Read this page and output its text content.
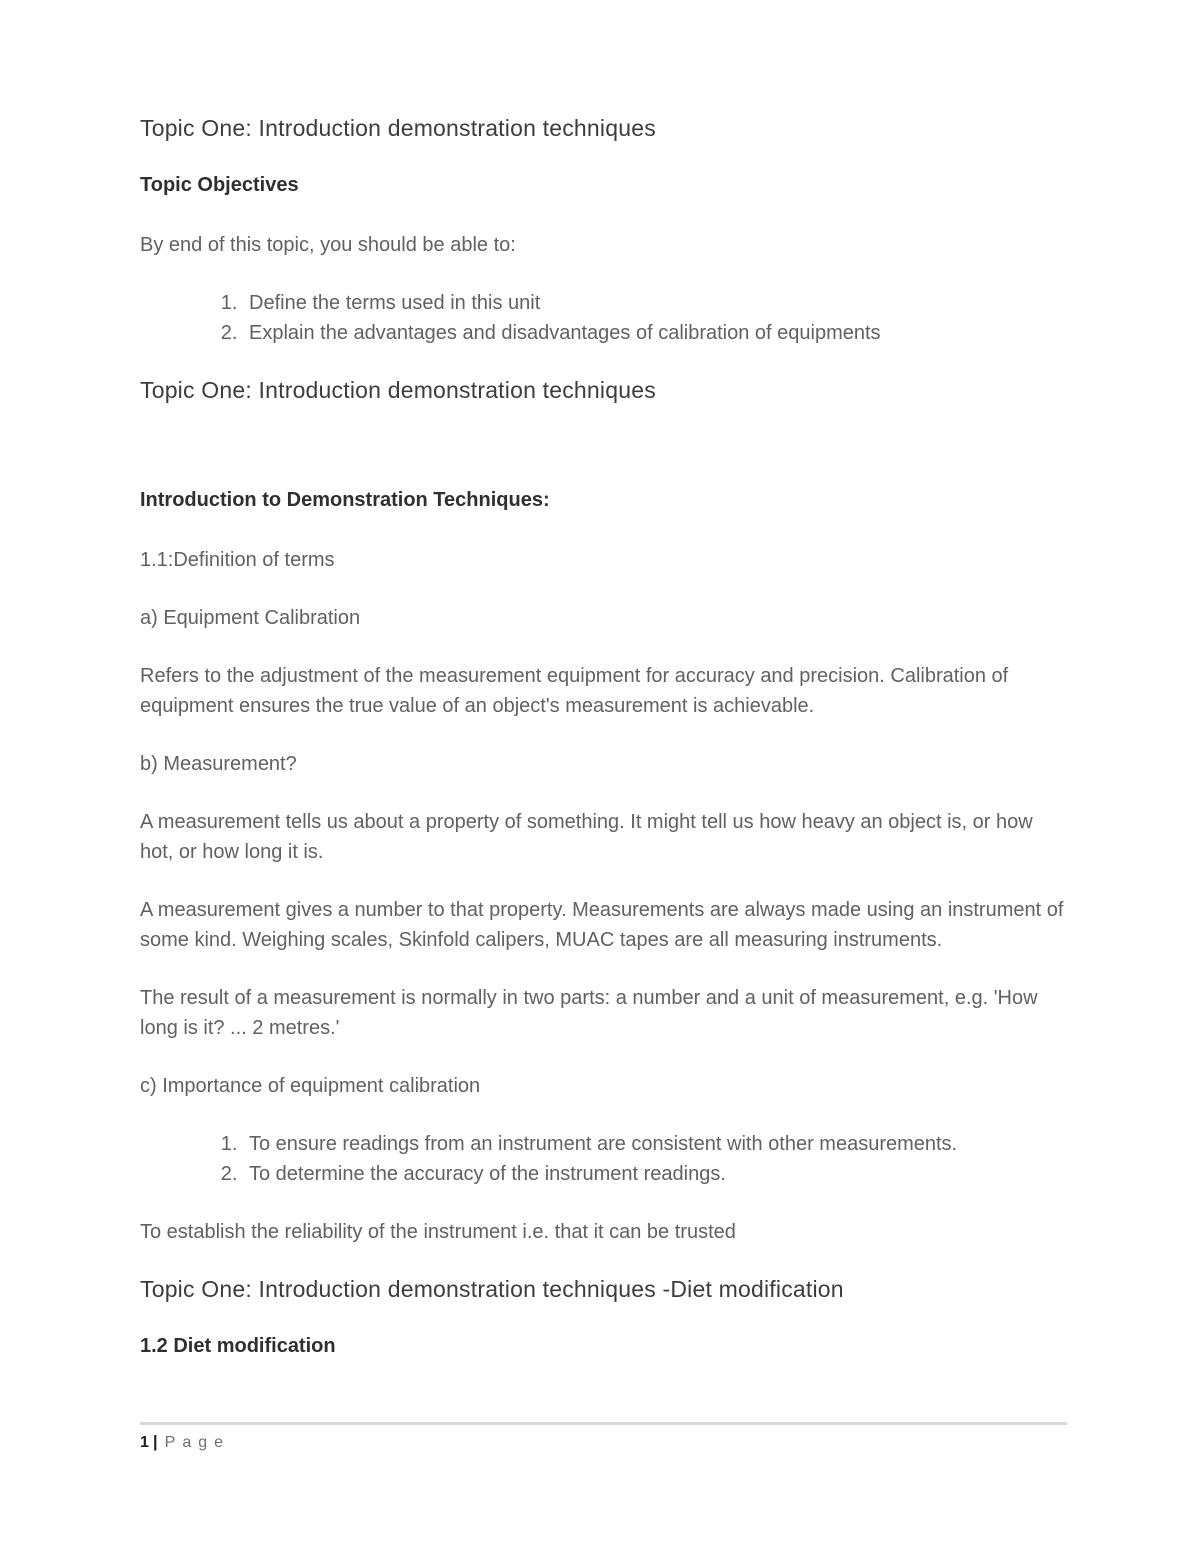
Topic One: Introduction demonstration techniques
Topic Objectives

By end of this topic, you should be able to:

1. Define the terms used in this unit
2. Explain the advantages and disadvantages of calibration of equipments
Topic One: Introduction demonstration techniques
Introduction to Demonstration Techniques:

1.1:Definition of terms

a) Equipment Calibration

Refers to the adjustment of the measurement equipment for accuracy and precision. Calibration of equipment ensures the true value of an object's measurement is achievable.

b) Measurement?

A measurement tells us about a property of something. It might tell us how heavy an object is, or how hot, or how long it is.

A measurement gives a number to that property. Measurements are always made using an instrument of some kind. Weighing scales, Skinfold calipers, MUAC tapes are all measuring instruments.

The result of a measurement is normally in two parts: a number and a unit of measurement, e.g. 'How long is it? ... 2 metres.'

c) Importance of equipment calibration

1. To ensure readings from an instrument are consistent with other measurements.
2. To determine the accuracy of the instrument readings.

To establish the reliability of the instrument i.e. that it can be trusted

Topic One: Introduction demonstration techniques -Diet modification
1.2 Diet modification
1 | Page
